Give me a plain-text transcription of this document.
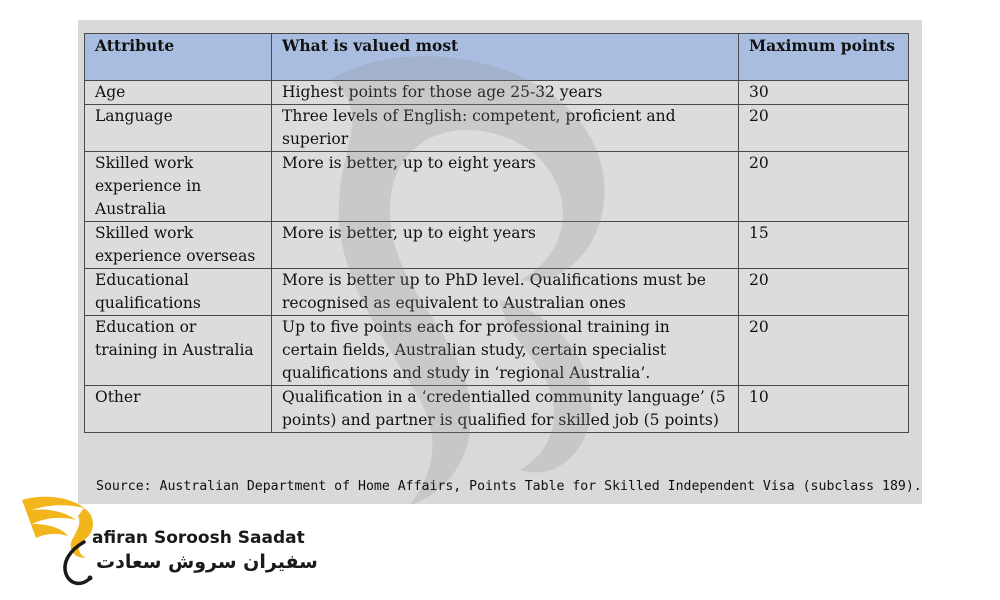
Attribute	What is valued most	Maximum points
Age	Highest points for those age 25-32 years	30
Language	Three levels of English: competent, proficient and superior	20
Skilled work experience in Australia	More is better, up to eight years	20
Skilled work experience overseas	More is better, up to eight years	15
Educational qualifications	More is better up to PhD level. Qualifications must be recognised as equivalent to Australian ones	20
Education or training in Australia	Up to five points each for professional training in certain fields, Australian study, certain specialist qualifications and study in ‘regional Australia’.	20
Other	Qualification in a ‘credentialled community language’ (5 points) and partner is qualified for skilled job (5 points)	10
Source: Australian Department of Home Affairs, Points Table for Skilled Independent Visa (subclass 189).
afiran Soroosh Saadat
سفیران سروش سعادت
